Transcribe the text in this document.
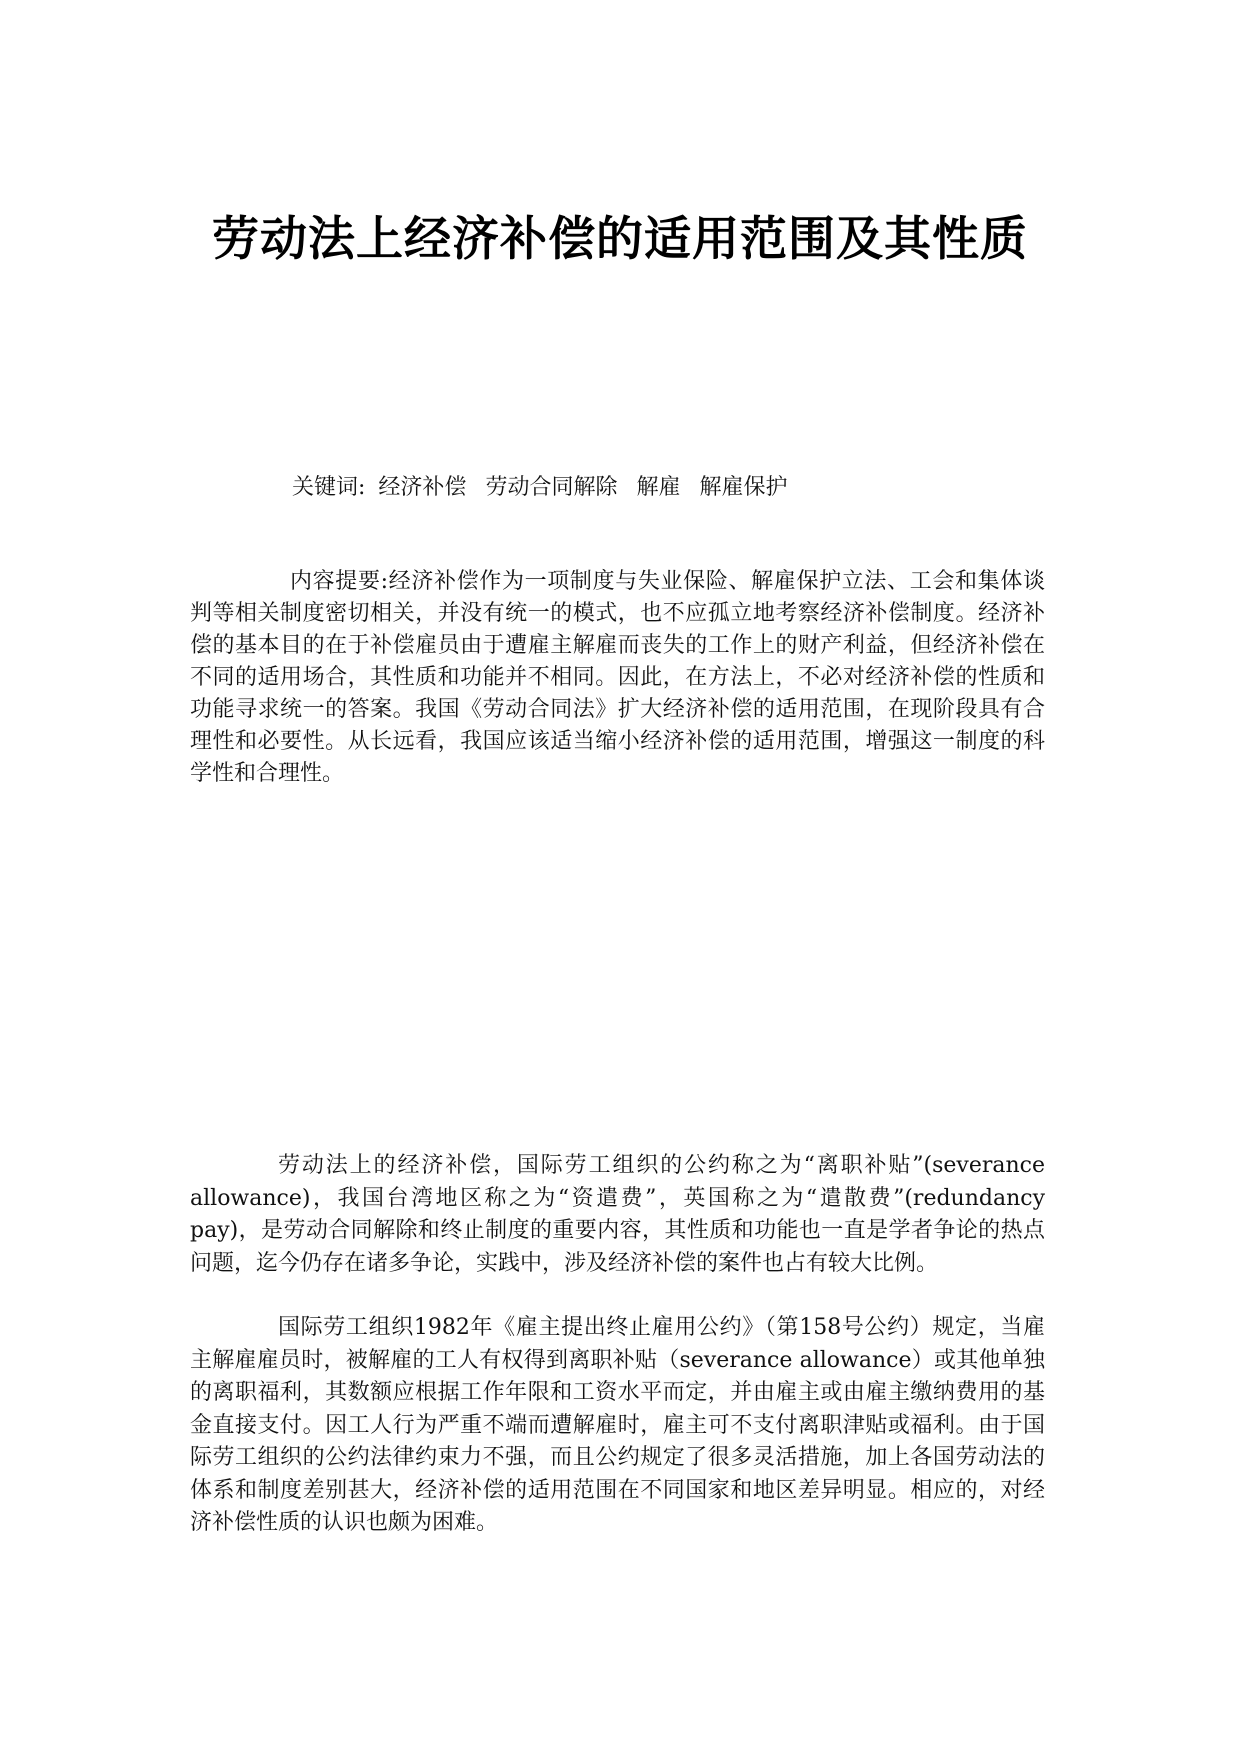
劳动法上经济补偿的适用范围及其性质

关键词: 经济补偿 劳动合同解除 解雇 解雇保护

内容提要:经济补偿作为一项制度与失业保险、解雇保护立法、工会和集体谈判等相关制度密切相关，并没有统一的模式，也不应孤立地考察经济补偿制度。经济补偿的基本目的在于补偿雇员由于遭雇主解雇而丧失的工作上的财产利益，但经济补偿在不同的适用场合，其性质和功能并不相同。因此，在方法上，不必对经济补偿的性质和功能寻求统一的答案。我国《劳动合同法》扩大经济补偿的适用范围，在现阶段具有合理性和必要性。从长远看，我国应该适当缩小经济补偿的适用范围，增强这一制度的科学性和合理性。

劳动法上的经济补偿，国际劳工组织的公约称之为“离职补贴”(severance allowance)，我国台湾地区称之为“资遣费”，英国称之为“遣散费”(redundancy pay)，是劳动合同解除和终止制度的重要内容，其性质和功能也一直是学者争论的热点问题，迄今仍存在诸多争论，实践中，涉及经济补偿的案件也占有较大比例。

国际劳工组织1982年《雇主提出终止雇用公约》（第158号公约）规定，当雇主解雇雇员时，被解雇的工人有权得到离职补贴（severance allowance）或其他单独的离职福利，其数额应根据工作年限和工资水平而定，并由雇主或由雇主缴纳费用的基金直接支付。因工人行为严重不端而遭解雇时，雇主可不支付离职津贴或福利。由于国际劳工组织的公约法律约束力不强，而且公约规定了很多灵活措施，加上各国劳动法的体系和制度差别甚大，经济补偿的适用范围在不同国家和地区差异明显。相应的，对经济补偿性质的认识也颇为困难。
